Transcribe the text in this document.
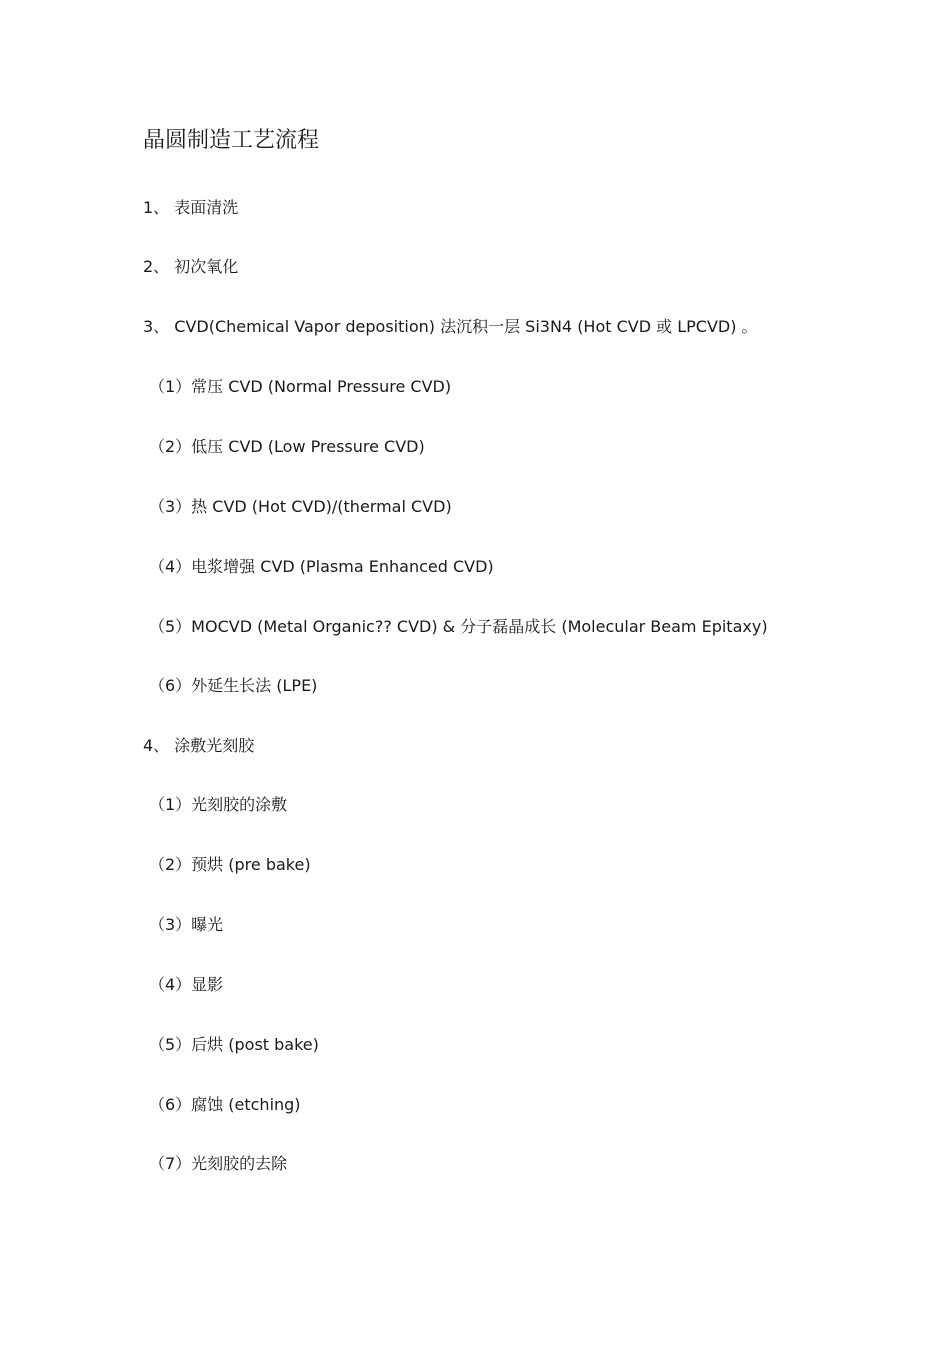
晶圆制造工艺流程
1、 表面清洗
2、 初次氧化
3、 CVD(Chemical Vapor deposition) 法沉积一层 Si3N4 (Hot CVD 或 LPCVD) 。
（1）常压 CVD (Normal Pressure CVD)
（2）低压 CVD (Low Pressure CVD)
（3）热 CVD (Hot CVD)/(thermal CVD)
（4）电浆增强 CVD (Plasma Enhanced CVD)
（5）MOCVD (Metal Organic?? CVD) & 分子磊晶成长 (Molecular Beam Epitaxy)
（6）外延生长法 (LPE)
4、 涂敷光刻胶
（1）光刻胶的涂敷
（2）预烘 (pre bake)
（3）曝光
（4）显影
（5）后烘 (post bake)
（6）腐蚀 (etching)
（7）光刻胶的去除
